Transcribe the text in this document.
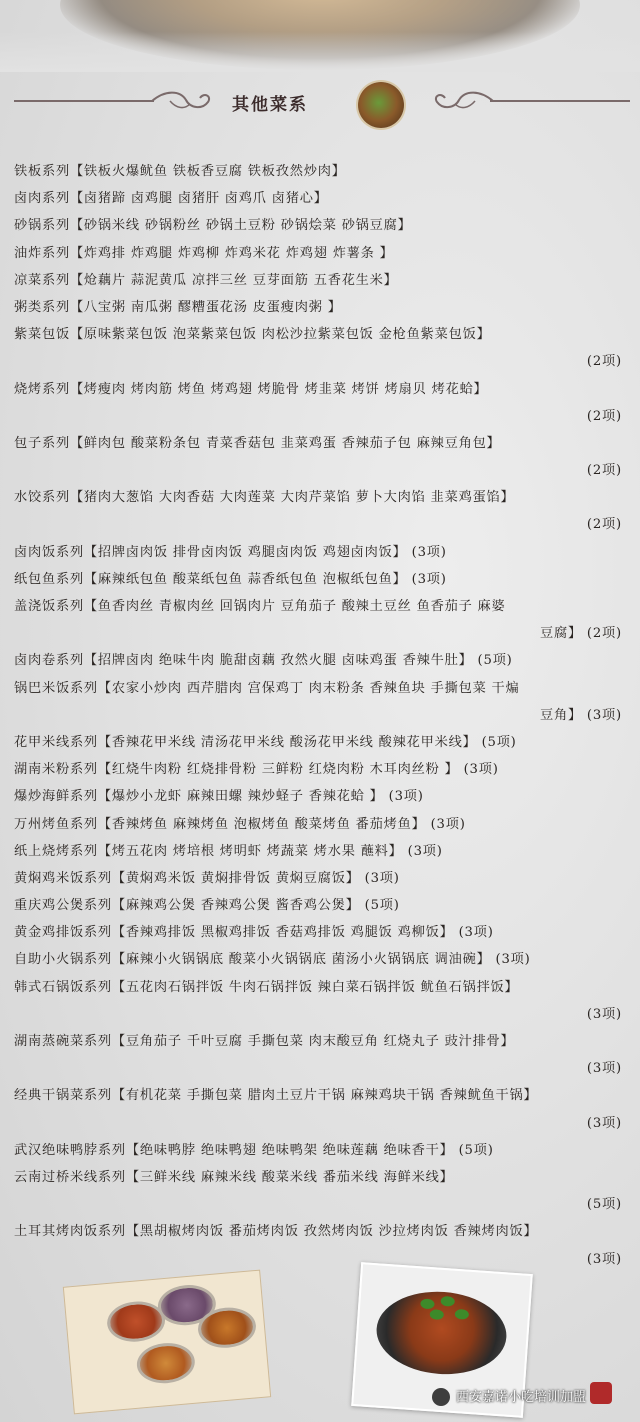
其他菜系
铁板系列【铁板火爆鱿鱼 铁板香豆腐 铁板孜然炒肉】
卤肉系列【卤猪蹄 卤鸡腿 卤猪肝 卤鸡爪 卤猪心】
砂锅系列【砂锅米线 砂锅粉丝 砂锅土豆粉 砂锅烩菜 砂锅豆腐】
油炸系列【炸鸡排 炸鸡腿 炸鸡柳 炸鸡米花 炸鸡翅 炸薯条 】
凉菜系列【炝藕片 蒜泥黄瓜 凉拌三丝 豆芽面筋 五香花生米】
粥类系列【八宝粥 南瓜粥 醪糟蛋花汤 皮蛋瘦肉粥 】
紫菜包饭【原味紫菜包饭 泡菜紫菜包饭 肉松沙拉紫菜包饭 金枪鱼紫菜包饭】
(2项)
烧烤系列【烤瘦肉 烤肉筋 烤鱼 烤鸡翅 烤脆骨 烤韭菜 烤饼 烤扇贝 烤花蛤】
(2项)
包子系列【鲜肉包 酸菜粉条包 青菜香菇包 韭菜鸡蛋 香辣茄子包 麻辣豆角包】
(2项)
水饺系列【猪肉大葱馅 大肉香菇 大肉莲菜 大肉芹菜馅 萝卜大肉馅 韭菜鸡蛋馅】
(2项)
卤肉饭系列【招牌卤肉饭 排骨卤肉饭 鸡腿卤肉饭 鸡翅卤肉饭】 (3项)
纸包鱼系列【麻辣纸包鱼 酸菜纸包鱼 蒜香纸包鱼 泡椒纸包鱼】 (3项)
盖浇饭系列【鱼香肉丝 青椒肉丝 回锅肉片 豆角茄子 酸辣土豆丝 鱼香茄子 麻婆
豆腐】 (2项)
卤肉卷系列【招牌卤肉 绝味牛肉 脆甜卤藕 孜然火腿 卤味鸡蛋 香辣牛肚】 (5项)
锅巴米饭系列【农家小炒肉 西芹腊肉 宫保鸡丁 肉末粉条 香辣鱼块 手撕包菜 干煸
豆角】 (3项)
花甲米线系列【香辣花甲米线 清汤花甲米线 酸汤花甲米线 酸辣花甲米线】 (5项)
湖南米粉系列【红烧牛肉粉 红烧排骨粉 三鲜粉 红烧肉粉 木耳肉丝粉 】 (3项)
爆炒海鲜系列【爆炒小龙虾 麻辣田螺 辣炒蛏子 香辣花蛤 】 (3项)
万州烤鱼系列【香辣烤鱼 麻辣烤鱼 泡椒烤鱼 酸菜烤鱼 番茄烤鱼】 (3项)
纸上烧烤系列【烤五花肉 烤培根 烤明虾 烤蔬菜 烤水果 蘸料】 (3项)
黄焖鸡米饭系列【黄焖鸡米饭 黄焖排骨饭 黄焖豆腐饭】 (3项)
重庆鸡公煲系列【麻辣鸡公煲 香辣鸡公煲 酱香鸡公煲】 (5项)
黄金鸡排饭系列【香辣鸡排饭 黑椒鸡排饭 香菇鸡排饭 鸡腿饭 鸡柳饭】 (3项)
自助小火锅系列【麻辣小火锅锅底 酸菜小火锅锅底 菌汤小火锅锅底 调油碗】 (3项)
韩式石锅饭系列【五花肉石锅拌饭 牛肉石锅拌饭 辣白菜石锅拌饭 鱿鱼石锅拌饭】
(3项)
湖南蒸碗菜系列【豆角茄子 千叶豆腐 手撕包菜 肉末酸豆角 红烧丸子 豉汁排骨】
(3项)
经典干锅菜系列【有机花菜 手撕包菜 腊肉土豆片干锅 麻辣鸡块干锅 香辣鱿鱼干锅】
(3项)
武汉绝味鸭脖系列【绝味鸭脖 绝味鸭翅 绝味鸭架 绝味莲藕 绝味香干】 (5项)
云南过桥米线系列【三鲜米线 麻辣米线 酸菜米线 番茄米线 海鲜米线】
(5项)
土耳其烤肉饭系列【黑胡椒烤肉饭 番茄烤肉饭 孜然烤肉饭 沙拉烤肉饭 香辣烤肉饭】
(3项)
西安嘉诺小吃培训加盟
